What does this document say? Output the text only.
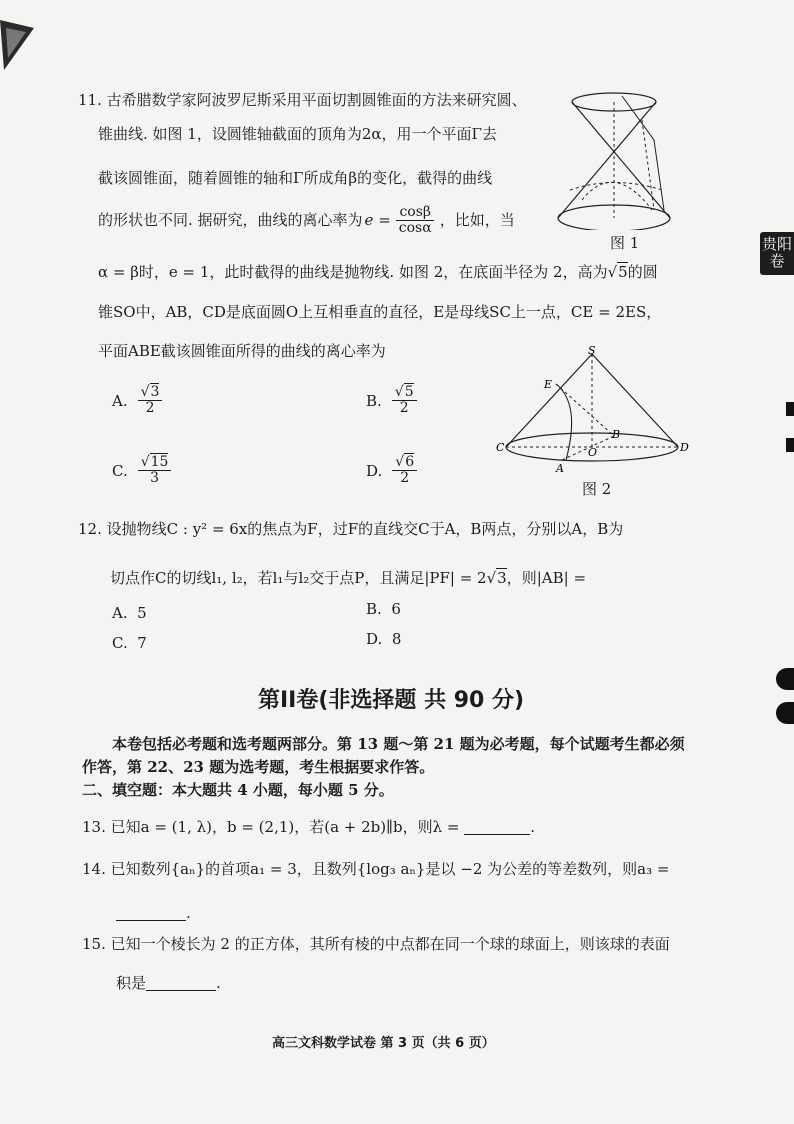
11. 古希腊数学家阿波罗尼斯采用平面切割圆锥面的方法来研究圆、
锥曲线. 如图 1，设圆锥轴截面的顶角为2α，用一个平面Γ去
截该圆锥面，随着圆锥的轴和Γ所成角β的变化，截得的曲线
的形状也不同. 据研究，曲线的离心率为 $e = \frac{\cos\beta}{\cos\alpha}$ ，比如，当
α = β时，e = 1，此时截得的曲线是抛物线. 如图 2，在底面半径为 2，高为√5的圆
锥SO中，AB，CD是底面圆O上互相垂直的直径，E是母线SC上一点，CE = 2ES，
平面ABE截该圆锥面所得的曲线的离心率为
图 1	贵阳
卷
S
E
B
O
C	D
A
图 2
A. $\frac{√3}{2}$	B. $\frac{√5}{2}$
C. $\frac{√15}{3}$	D. $\frac{√6}{2}$
12. 设抛物线C : y² = 6x的焦点为F，过F的直线交C于A，B两点，分别以A，B为
切点作C的切线l₁, l₂，若l₁与l₂交于点P，且满足|PF| = 2√3，则|AB| =
A. 5	B. 6
C. 7	D. 8
第II卷(非选择题 共 90 分)
本卷包括必考题和选考题两部分。第 13 题～第 21 题为必考题，每个试题考生都必须
作答，第 22、23 题为选考题，考生根据要求作答。
二、填空题：本大题共 4 小题，每小题 5 分。
13. 已知a = (1, λ)，b = (2,1)，若(a + 2b)∥b，则λ =	.
14. 已知数列{aₙ}的首项a₁ = 3，且数列{log₃ aₙ}是以 −2 为公差的等差数列，则a₃ =
.
15. 已知一个棱长为 2 的正方体，其所有棱的中点都在同一个球的球面上，则该球的表面
积是	.
高三文科数学试卷 第 3 页（共 6 页）
